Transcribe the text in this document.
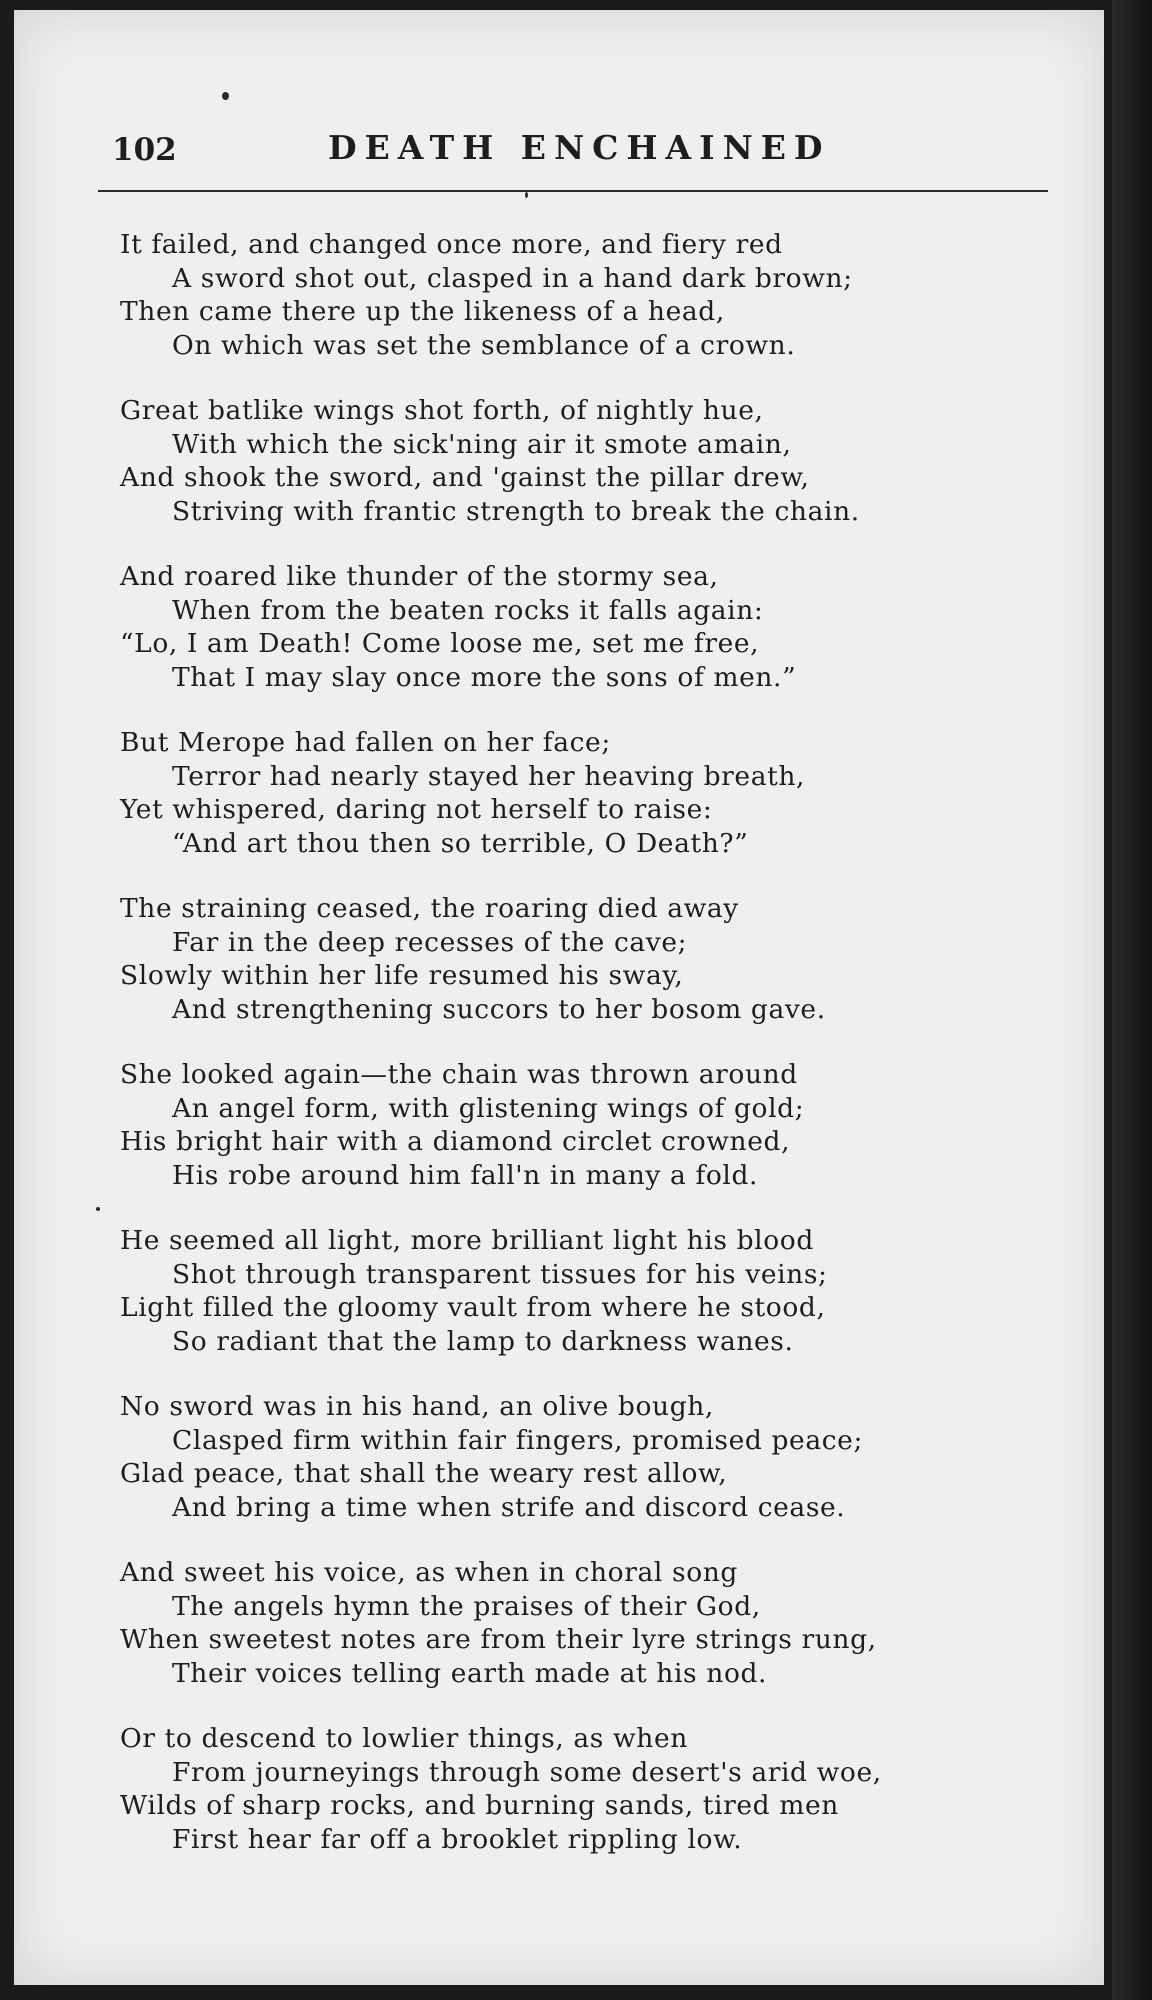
102	DEATH ENCHAINED
It failed, and changed once more, and fiery red
A sword shot out, clasped in a hand dark brown;
Then came there up the likeness of a head,
On which was set the semblance of a crown.
Great batlike wings shot forth, of nightly hue,
With which the sick'ning air it smote amain,
And shook the sword, and 'gainst the pillar drew,
Striving with frantic strength to break the chain.
And roared like thunder of the stormy sea,
When from the beaten rocks it falls again:
“Lo, I am Death! Come loose me, set me free,
That I may slay once more the sons of men.”
But Merope had fallen on her face;
Terror had nearly stayed her heaving breath,
Yet whispered, daring not herself to raise:
“And art thou then so terrible, O Death?”
The straining ceased, the roaring died away
Far in the deep recesses of the cave;
Slowly within her life resumed his sway,
And strengthening succors to her bosom gave.
She looked again—the chain was thrown around
An angel form, with glistening wings of gold;
His bright hair with a diamond circlet crowned,
His robe around him fall'n in many a fold.
He seemed all light, more brilliant light his blood
Shot through transparent tissues for his veins;
Light filled the gloomy vault from where he stood,
So radiant that the lamp to darkness wanes.
No sword was in his hand, an olive bough,
Clasped firm within fair fingers, promised peace;
Glad peace, that shall the weary rest allow,
And bring a time when strife and discord cease.
And sweet his voice, as when in choral song
The angels hymn the praises of their God,
When sweetest notes are from their lyre strings rung,
Their voices telling earth made at his nod.
Or to descend to lowlier things, as when
From journeyings through some desert's arid woe,
Wilds of sharp rocks, and burning sands, tired men
First hear far off a brooklet rippling low.
